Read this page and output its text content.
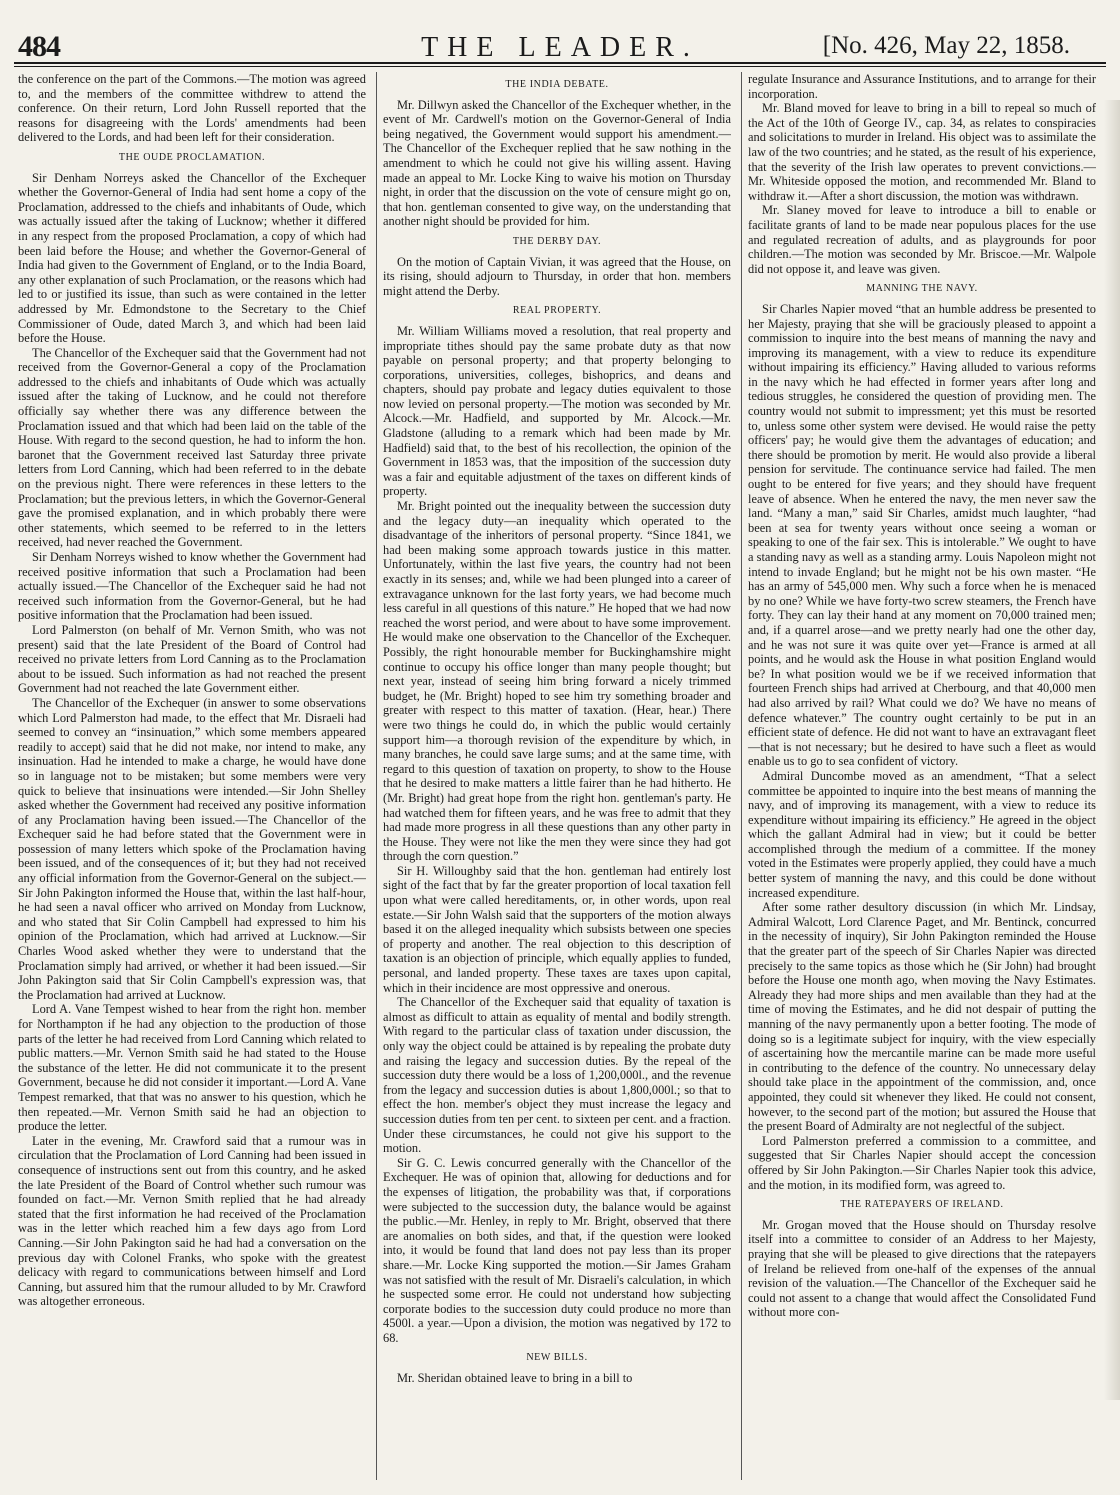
484	THE LEADER.	[No. 426, May 22, 1858.

the conference on the part of the Commons.—The motion was agreed to, and the members of the committee withdrew to attend the conference. On their return, Lord John Russell reported that the reasons for disagreeing with the Lords' amendments had been delivered to the Lords, and had been left for their consideration.

THE OUDE PROCLAMATION.

Sir Denham Norreys asked the Chancellor of the Exchequer whether the Governor-General of India had sent home a copy of the Proclamation, addressed to the chiefs and inhabitants of Oude, which was actually issued after the taking of Lucknow; whether it differed in any respect from the proposed Proclamation, a copy of which had been laid before the House; and whether the Governor-General of India had given to the Government of England, or to the India Board, any other explanation of such Proclamation, or the reasons which had led to or justified its issue, than such as were contained in the letter addressed by Mr. Edmondstone to the Secretary to the Chief Commissioner of Oude, dated March 3, and which had been laid before the House.

The Chancellor of the Exchequer said that the Government had not received from the Governor-General a copy of the Proclamation addressed to the chiefs and inhabitants of Oude which was actually issued after the taking of Lucknow, and he could not therefore officially say whether there was any difference between the Proclamation issued and that which had been laid on the table of the House. With regard to the second question, he had to inform the hon. baronet that the Government received last Saturday three private letters from Lord Canning, which had been referred to in the debate on the previous night. There were references in these letters to the Proclamation; but the previous letters, in which the Governor-General gave the promised explanation, and in which probably there were other statements, which seemed to be referred to in the letters received, had never reached the Government.

Sir Denham Norreys wished to know whether the Government had received positive information that such a Proclamation had been actually issued.—The Chancellor of the Exchequer said he had not received such information from the Governor-General, but he had positive information that the Proclamation had been issued.

Lord Palmerston (on behalf of Mr. Vernon Smith, who was not present) said that the late President of the Board of Control had received no private letters from Lord Canning as to the Proclamation about to be issued. Such information as had not reached the present Government had not reached the late Government either.

The Chancellor of the Exchequer (in answer to some observations which Lord Palmerston had made, to the effect that Mr. Disraeli had seemed to convey an “insinuation,” which some members appeared readily to accept) said that he did not make, nor intend to make, any insinuation. Had he intended to make a charge, he would have done so in language not to be mistaken; but some members were very quick to believe that insinuations were intended.—Sir John Shelley asked whether the Government had received any positive information of any Proclamation having been issued.—The Chancellor of the Exchequer said he had before stated that the Government were in possession of many letters which spoke of the Proclamation having been issued, and of the consequences of it; but they had not received any official information from the Governor-General on the subject.—Sir John Pakington informed the House that, within the last half-hour, he had seen a naval officer who arrived on Monday from Lucknow, and who stated that Sir Colin Campbell had expressed to him his opinion of the Proclamation, which had arrived at Lucknow.—Sir Charles Wood asked whether they were to understand that the Proclamation simply had arrived, or whether it had been issued.—Sir John Pakington said that Sir Colin Campbell's expression was, that the Proclamation had arrived at Lucknow.

Lord A. Vane Tempest wished to hear from the right hon. member for Northampton if he had any objection to the production of those parts of the letter he had received from Lord Canning which related to public matters.—Mr. Vernon Smith said he had stated to the House the substance of the letter. He did not communicate it to the present Government, because he did not consider it important.—Lord A. Vane Tempest remarked, that that was no answer to his question, which he then repeated.—Mr. Vernon Smith said he had an objection to produce the letter.

Later in the evening, Mr. Crawford said that a rumour was in circulation that the Proclamation of Lord Canning had been issued in consequence of instructions sent out from this country, and he asked the late President of the Board of Control whether such rumour was founded on fact.—Mr. Vernon Smith replied that he had already stated that the first information he had received of the Proclamation was in the letter which reached him a few days ago from Lord Canning.—Sir John Pakington said he had had a conversation on the previous day with Colonel Franks, who spoke with the greatest delicacy with regard to communications between himself and Lord Canning, but assured him that the rumour alluded to by Mr. Crawford was altogether erroneous.

THE INDIA DEBATE.

Mr. Dillwyn asked the Chancellor of the Exchequer whether, in the event of Mr. Cardwell's motion on the Governor-General of India being negatived, the Government would support his amendment.—The Chancellor of the Exchequer replied that he saw nothing in the amendment to which he could not give his willing assent. Having made an appeal to Mr. Locke King to waive his motion on Thursday night, in order that the discussion on the vote of censure might go on, that hon. gentleman consented to give way, on the understanding that another night should be provided for him.

THE DERBY DAY.

On the motion of Captain Vivian, it was agreed that the House, on its rising, should adjourn to Thursday, in order that hon. members might attend the Derby.

REAL PROPERTY.

Mr. William Williams moved a resolution, that real property and impropriate tithes should pay the same probate duty as that now payable on personal property; and that property belonging to corporations, universities, colleges, bishoprics, and deans and chapters, should pay probate and legacy duties equivalent to those now levied on personal property.—The motion was seconded by Mr. Alcock.—Mr. Hadfield, and supported by Mr. Alcock.—Mr. Gladstone (alluding to a remark which had been made by Mr. Hadfield) said that, to the best of his recollection, the opinion of the Government in 1853 was, that the imposition of the succession duty was a fair and equitable adjustment of the taxes on different kinds of property.

Mr. Bright pointed out the inequality between the succession duty and the legacy duty—an inequality which operated to the disadvantage of the inheritors of personal property. “Since 1841, we had been making some approach towards justice in this matter. Unfortunately, within the last five years, the country had not been exactly in its senses; and, while we had been plunged into a career of extravagance unknown for the last forty years, we had become much less careful in all questions of this nature.” He hoped that we had now reached the worst period, and were about to have some improvement. He would make one observation to the Chancellor of the Exchequer. Possibly, the right honourable member for Buckinghamshire might continue to occupy his office longer than many people thought; but next year, instead of seeing him bring forward a nicely trimmed budget, he (Mr. Bright) hoped to see him try something broader and greater with respect to this matter of taxation. (Hear, hear.) There were two things he could do, in which the public would certainly support him—a thorough revision of the expenditure by which, in many branches, he could save large sums; and at the same time, with regard to this question of taxation on property, to show to the House that he desired to make matters a little fairer than he had hitherto. He (Mr. Bright) had great hope from the right hon. gentleman's party. He had watched them for fifteen years, and he was free to admit that they had made more progress in all these questions than any other party in the House. They were not like the men they were since they had got through the corn question.”

Sir H. Willoughby said that the hon. gentleman had entirely lost sight of the fact that by far the greater proportion of local taxation fell upon what were called hereditaments, or, in other words, upon real estate.—Sir John Walsh said that the supporters of the motion always based it on the alleged inequality which subsists between one species of property and another. The real objection to this description of taxation is an objection of principle, which equally applies to funded, personal, and landed property. These taxes are taxes upon capital, which in their incidence are most oppressive and onerous.

The Chancellor of the Exchequer said that equality of taxation is almost as difficult to attain as equality of mental and bodily strength. With regard to the particular class of taxation under discussion, the only way the object could be attained is by repealing the probate duty and raising the legacy and succession duties. By the repeal of the succession duty there would be a loss of 1,200,000l., and the revenue from the legacy and succession duties is about 1,800,000l.; so that to effect the hon. member's object they must increase the legacy and succession duties from ten per cent. to sixteen per cent. and a fraction. Under these circumstances, he could not give his support to the motion.

Sir G. C. Lewis concurred generally with the Chancellor of the Exchequer. He was of opinion that, allowing for deductions and for the expenses of litigation, the probability was that, if corporations were subjected to the succession duty, the balance would be against the public.—Mr. Henley, in reply to Mr. Bright, observed that there are anomalies on both sides, and that, if the question were looked into, it would be found that land does not pay less than its proper share.—Mr. Locke King supported the motion.—Sir James Graham was not satisfied with the result of Mr. Disraeli's calculation, in which he suspected some error. He could not understand how subjecting corporate bodies to the succession duty could produce no more than 4500l. a year.—Upon a division, the motion was negatived by 172 to 68.

NEW BILLS.

Mr. Sheridan obtained leave to bring in a bill to

regulate Insurance and Assurance Institutions, and to arrange for their incorporation.

Mr. Bland moved for leave to bring in a bill to repeal so much of the Act of the 10th of George IV., cap. 34, as relates to conspiracies and solicitations to murder in Ireland. His object was to assimilate the law of the two countries; and he stated, as the result of his experience, that the severity of the Irish law operates to prevent convictions.—Mr. Whiteside opposed the motion, and recommended Mr. Bland to withdraw it.—After a short discussion, the motion was withdrawn.

Mr. Slaney moved for leave to introduce a bill to enable or facilitate grants of land to be made near populous places for the use and regulated recreation of adults, and as playgrounds for poor children.—The motion was seconded by Mr. Briscoe.—Mr. Walpole did not oppose it, and leave was given.

MANNING THE NAVY.

Sir Charles Napier moved “that an humble address be presented to her Majesty, praying that she will be graciously pleased to appoint a commission to inquire into the best means of manning the navy and improving its management, with a view to reduce its expenditure without impairing its efficiency.” Having alluded to various reforms in the navy which he had effected in former years after long and tedious struggles, he considered the question of providing men. The country would not submit to impressment; yet this must be resorted to, unless some other system were devised. He would raise the petty officers' pay; he would give them the advantages of education; and there should be promotion by merit. He would also provide a liberal pension for servitude. The continuance service had failed. The men ought to be entered for five years; and they should have frequent leave of absence. When he entered the navy, the men never saw the land. “Many a man,” said Sir Charles, amidst much laughter, “had been at sea for twenty years without once seeing a woman or speaking to one of the fair sex. This is intolerable.” We ought to have a standing navy as well as a standing army. Louis Napoleon might not intend to invade England; but he might not be his own master. “He has an army of 545,000 men. Why such a force when he is menaced by no one? While we have forty-two screw steamers, the French have forty. They can lay their hand at any moment on 70,000 trained men; and, if a quarrel arose—and we pretty nearly had one the other day, and he was not sure it was quite over yet—France is armed at all points, and he would ask the House in what position England would be? In what position would we be if we received information that fourteen French ships had arrived at Cherbourg, and that 40,000 men had also arrived by rail? What could we do? We have no means of defence whatever.” The country ought certainly to be put in an efficient state of defence. He did not want to have an extravagant fleet—that is not necessary; but he desired to have such a fleet as would enable us to go to sea confident of victory.

Admiral Duncombe moved as an amendment, “That a select committee be appointed to inquire into the best means of manning the navy, and of improving its management, with a view to reduce its expenditure without impairing its efficiency.” He agreed in the object which the gallant Admiral had in view; but it could be better accomplished through the medium of a committee. If the money voted in the Estimates were properly applied, they could have a much better system of manning the navy, and this could be done without increased expenditure.

After some rather desultory discussion (in which Mr. Lindsay, Admiral Walcott, Lord Clarence Paget, and Mr. Bentinck, concurred in the necessity of inquiry), Sir John Pakington reminded the House that the greater part of the speech of Sir Charles Napier was directed precisely to the same topics as those which he (Sir John) had brought before the House one month ago, when moving the Navy Estimates. Already they had more ships and men available than they had at the time of moving the Estimates, and he did not despair of putting the manning of the navy permanently upon a better footing. The mode of doing so is a legitimate subject for inquiry, with the view especially of ascertaining how the mercantile marine can be made more useful in contributing to the defence of the country. No unnecessary delay should take place in the appointment of the commission, and, once appointed, they could sit whenever they liked. He could not consent, however, to the second part of the motion; but assured the House that the present Board of Admiralty are not neglectful of the subject.

Lord Palmerston preferred a commission to a committee, and suggested that Sir Charles Napier should accept the concession offered by Sir John Pakington.—Sir Charles Napier took this advice, and the motion, in its modified form, was agreed to.

THE RATEPAYERS OF IRELAND.

Mr. Grogan moved that the House should on Thursday resolve itself into a committee to consider of an Address to her Majesty, praying that she will be pleased to give directions that the ratepayers of Ireland be relieved from one-half of the expenses of the annual revision of the valuation.—The Chancellor of the Exchequer said he could not assent to a change that would affect the Consolidated Fund without more con-
